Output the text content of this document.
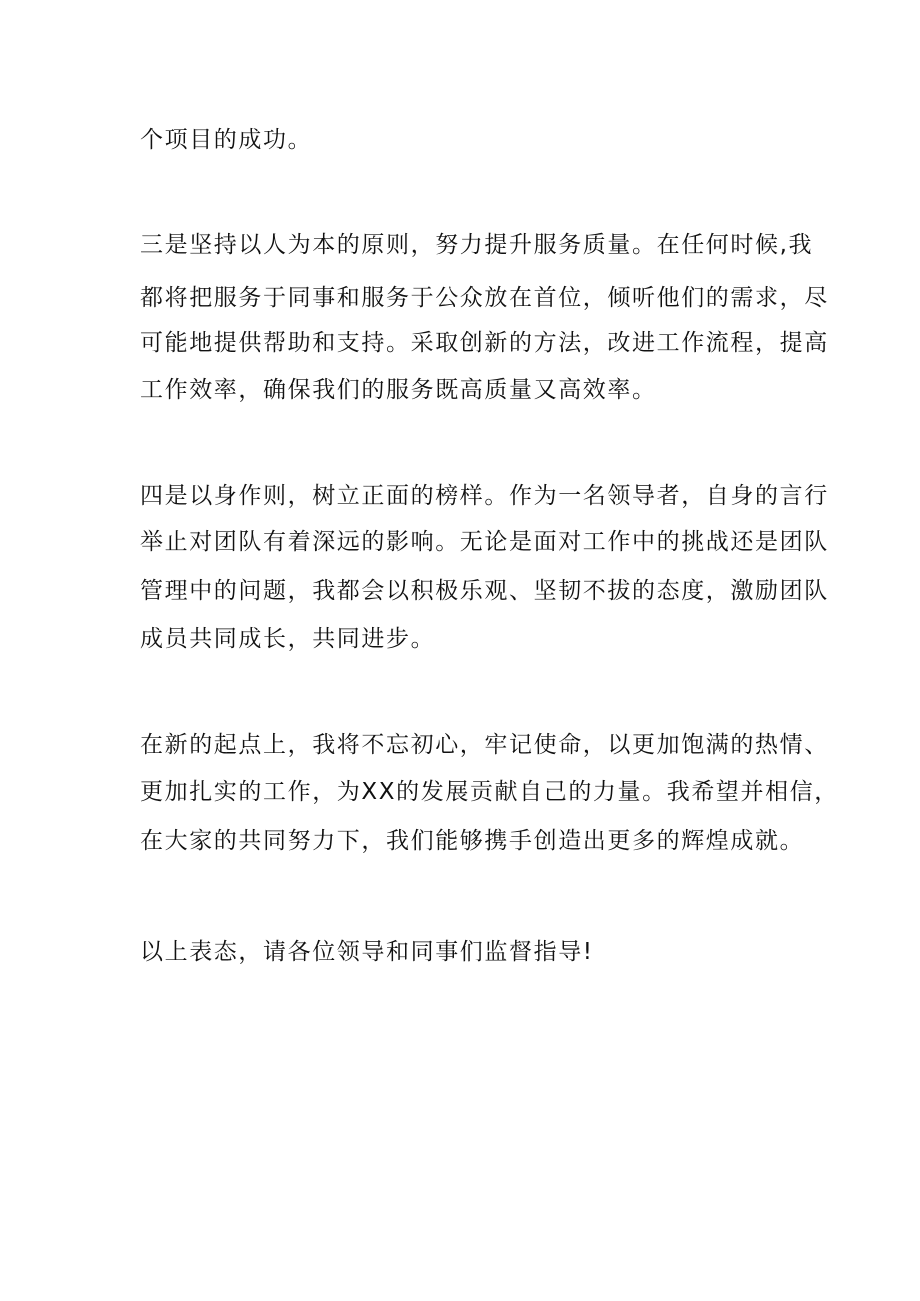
个项目的成功。
三是坚持以人为本的原则，努力提升服务质量。在任何时候,我
都将把服务于同事和服务于公众放在首位，倾听他们的需求，尽
可能地提供帮助和支持。采取创新的方法，改进工作流程，提高
工作效率，确保我们的服务既高质量又高效率。
四是以身作则，树立正面的榜样。作为一名领导者，自身的言行
举止对团队有着深远的影响。无论是面对工作中的挑战还是团队
管理中的问题，我都会以积极乐观、坚韧不拔的态度，激励团队
成员共同成长，共同进步。
在新的起点上，我将不忘初心，牢记使命，以更加饱满的热情、
更加扎实的工作，为XX的发展贡献自己的力量。我希望并相信，
在大家的共同努力下，我们能够携手创造出更多的辉煌成就。
以上表态，请各位领导和同事们监督指导!
